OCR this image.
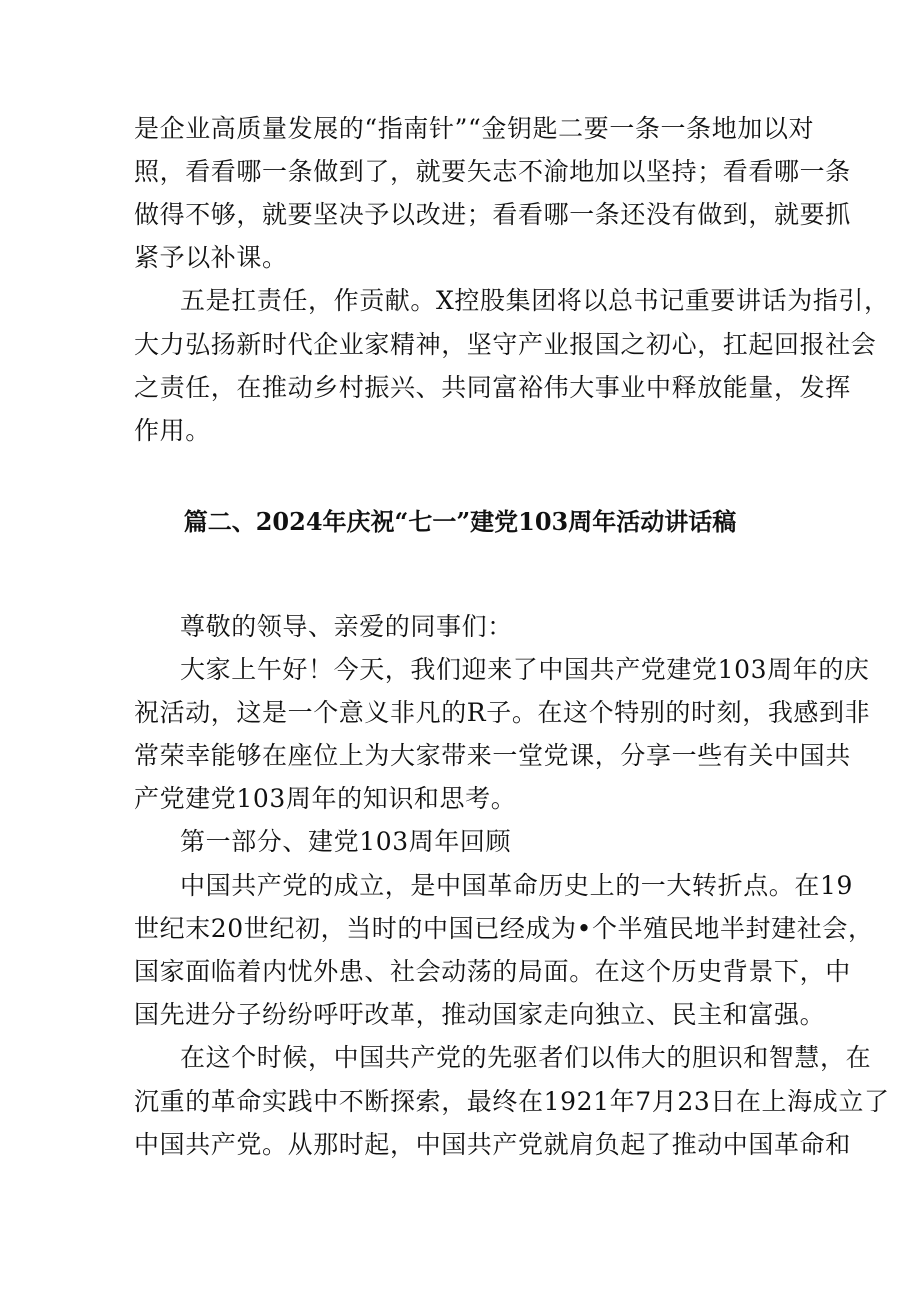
是企业高质量发展的“指南针”“金钥匙二要一条一条地加以对
照，看看哪一条做到了，就要矢志不渝地加以坚持；看看哪一条
做得不够，就要坚决予以改进；看看哪一条还没有做到，就要抓
紧予以补课。
五是扛责任，作贡献。X控股集团将以总书记重要讲话为指引，
大力弘扬新时代企业家精神，坚守产业报国之初心，扛起回报社会
之责任，在推动乡村振兴、共同富裕伟大事业中释放能量，发挥
作用。
篇二、2024年庆祝“七一”建党103周年活动讲话稿
尊敬的领导、亲爱的同事们：
大家上午好！今天，我们迎来了中国共产党建党103周年的庆
祝活动，这是一个意义非凡的R子。在这个特别的时刻，我感到非
常荣幸能够在座位上为大家带来一堂党课，分享一些有关中国共
产党建党103周年的知识和思考。
第一部分、建党103周年回顾
中国共产党的成立，是中国革命历史上的一大转折点。在19
世纪末20世纪初，当时的中国已经成为•个半殖民地半封建社会，
国家面临着内忧外患、社会动荡的局面。在这个历史背景下，中
国先进分子纷纷呼吁改革，推动国家走向独立、民主和富强。
在这个时候，中国共产党的先驱者们以伟大的胆识和智慧，在
沉重的革命实践中不断探索，最终在1921年7月23日在上海成立了
中国共产党。从那时起，中国共产党就肩负起了推动中国革命和
